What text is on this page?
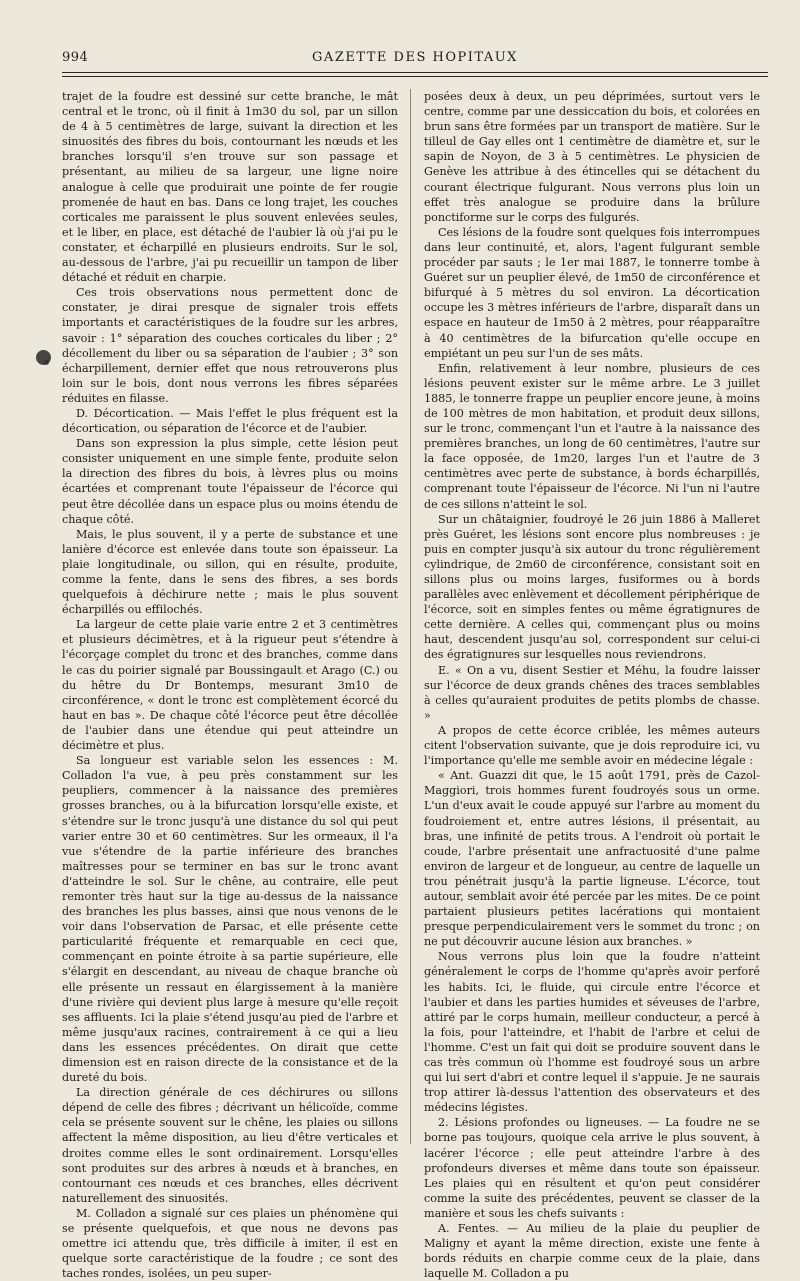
994	GAZETTE DES HOPITAUX

trajet de la foudre est dessiné sur cette branche, le mât central et le tronc, où il finit à 1m30 du sol, par un sillon de 4 à 5 centimètres de large, suivant la direction et les sinuosités des fibres du bois, contournant les nœuds et les branches lorsqu'il s'en trouve sur son passage et présentant, au milieu de sa largeur, une ligne noire analogue à celle que produirait une pointe de fer rougie promenée de haut en bas. Dans ce long trajet, les couches corticales me paraissent le plus souvent enlevées seules, et le liber, en place, est détaché de l'aubier là où j'ai pu le constater, et écharpillé en plusieurs endroits. Sur le sol, au-dessous de l'arbre, j'ai pu recueillir un tampon de liber détaché et réduit en charpie.

Ces trois observations nous permettent donc de constater, je dirai presque de signaler trois effets importants et caractéristiques de la foudre sur les arbres, savoir : 1° séparation des couches corticales du liber ; 2° décollement du liber ou sa séparation de l'aubier ; 3° son écharpillement, dernier effet que nous retrouverons plus loin sur le bois, dont nous verrons les fibres séparées réduites en filasse.

D. Décortication. — Mais l'effet le plus fréquent est la décortication, ou séparation de l'écorce et de l'aubier.

Dans son expression la plus simple, cette lésion peut consister uniquement en une simple fente, produite selon la direction des fibres du bois, à lèvres plus ou moins écartées et comprenant toute l'épaisseur de l'écorce qui peut être décollée dans un espace plus ou moins étendu de chaque côté.

Mais, le plus souvent, il y a perte de substance et une lanière d'écorce est enlevée dans toute son épaisseur. La plaie longitudinale, ou sillon, qui en résulte, produite, comme la fente, dans le sens des fibres, a ses bords quelquefois à déchirure nette ; mais le plus souvent écharpillés ou effilochés.

La largeur de cette plaie varie entre 2 et 3 centimètres et plusieurs décimètres, et à la rigueur peut s'étendre à l'écorçage complet du tronc et des branches, comme dans le cas du poirier signalé par Boussingault et Arago (C.) ou du hêtre du Dr Bontemps, mesurant 3m10 de circonférence, « dont le tronc est complètement écorcé du haut en bas ». De chaque côté l'écorce peut être décollée de l'aubier dans une étendue qui peut atteindre un décimètre et plus.

Sa longueur est variable selon les essences : M. Colladon l'a vue, à peu près constamment sur les peupliers, commencer à la naissance des premières grosses branches, ou à la bifurcation lorsqu'elle existe, et s'étendre sur le tronc jusqu'à une distance du sol qui peut varier entre 30 et 60 centimètres. Sur les ormeaux, il l'a vue s'étendre de la partie inférieure des branches maîtresses pour se terminer en bas sur le tronc avant d'atteindre le sol. Sur le chêne, au contraire, elle peut remonter très haut sur la tige au-dessus de la naissance des branches les plus basses, ainsi que nous venons de le voir dans l'observation de Parsac, et elle présente cette particularité fréquente et remarquable en ceci que, commençant en pointe étroite à sa partie supérieure, elle s'élargit en descendant, au niveau de chaque branche où elle présente un ressaut en élargissement à la manière d'une rivière qui devient plus large à mesure qu'elle reçoit ses affluents. Ici la plaie s'étend jusqu'au pied de l'arbre et même jusqu'aux racines, contrairement à ce qui a lieu dans les essences précédentes. On dirait que cette dimension est en raison directe de la consistance et de la dureté du bois.

La direction générale de ces déchirures ou sillons dépend de celle des fibres ; décrivant un hélicoïde, comme cela se présente souvent sur le chêne, les plaies ou sillons affectent la même disposition, au lieu d'être verticales et droites comme elles le sont ordinairement. Lorsqu'elles sont produites sur des arbres à nœuds et à branches, en contournant ces nœuds et ces branches, elles décrivent naturellement des sinuosités.

M. Colladon a signalé sur ces plaies un phénomène qui se présente quelquefois, et que nous ne devons pas omettre ici attendu que, très difficile à imiter, il est en quelque sorte caractéristique de la foudre ; ce sont des taches rondes, isolées, un peu super-

posées deux à deux, un peu déprimées, surtout vers le centre, comme par une dessiccation du bois, et colorées en brun sans être formées par un transport de matière. Sur le tilleul de Gay elles ont 1 centimètre de diamètre et, sur le sapin de Noyon, de 3 à 5 centimètres. Le physicien de Genève les attribue à des étincelles qui se détachent du courant électrique fulgurant. Nous verrons plus loin un effet très analogue se produire dans la brûlure ponctiforme sur le corps des fulgurés.

Ces lésions de la foudre sont quelques fois interrompues dans leur continuité, et, alors, l'agent fulgurant semble procéder par sauts ; le 1er mai 1887, le tonnerre tombe à Guéret sur un peuplier élevé, de 1m50 de circonférence et bifurqué à 5 mètres du sol environ. La décortication occupe les 3 mètres inférieurs de l'arbre, disparaît dans un espace en hauteur de 1m50 à 2 mètres, pour réapparaître à 40 centimètres de la bifurcation qu'elle occupe en empiétant un peu sur l'un de ses mâts.

Enfin, relativement à leur nombre, plusieurs de ces lésions peuvent exister sur le même arbre. Le 3 juillet 1885, le tonnerre frappe un peuplier encore jeune, à moins de 100 mètres de mon habitation, et produit deux sillons, sur le tronc, commençant l'un et l'autre à la naissance des premières branches, un long de 60 centimètres, l'autre sur la face opposée, de 1m20, larges l'un et l'autre de 3 centimètres avec perte de substance, à bords écharpillés, comprenant toute l'épaisseur de l'écorce. Ni l'un ni l'autre de ces sillons n'atteint le sol.

Sur un châtaignier, foudroyé le 26 juin 1886 à Malleret près Guéret, les lésions sont encore plus nombreuses : je puis en compter jusqu'à six autour du tronc régulièrement cylindrique, de 2m60 de circonférence, consistant soit en sillons plus ou moins larges, fusiformes ou à bords parallèles avec enlèvement et décollement périphérique de l'écorce, soit en simples fentes ou même égratignures de cette dernière. A celles qui, commençant plus ou moins haut, descendent jusqu'au sol, correspondent sur celui-ci des égratignures sur lesquelles nous reviendrons.

E. « On a vu, disent Sestier et Méhu, la foudre laisser sur l'écorce de deux grands chênes des traces semblables à celles qu'auraient produites de petits plombs de chasse. »

A propos de cette écorce criblée, les mêmes auteurs citent l'observation suivante, que je dois reproduire ici, vu l'importance qu'elle me semble avoir en médecine légale :

« Ant. Guazzi dit que, le 15 août 1791, près de Cazol-Maggiori, trois hommes furent foudroyés sous un orme. L'un d'eux avait le coude appuyé sur l'arbre au moment du foudroiement et, entre autres lésions, il présentait, au bras, une infinité de petits trous. A l'endroit où portait le coude, l'arbre présentait une anfractuosité d'une palme environ de largeur et de longueur, au centre de laquelle un trou pénétrait jusqu'à la partie ligneuse. L'écorce, tout autour, semblait avoir été percée par les mites. De ce point partaient plusieurs petites lacérations qui montaient presque perpendiculairement vers le sommet du tronc ; on ne put découvrir aucune lésion aux branches. »

Nous verrons plus loin que la foudre n'atteint généralement le corps de l'homme qu'après avoir perforé les habits. Ici, le fluide, qui circule entre l'écorce et l'aubier et dans les parties humides et séveuses de l'arbre, attiré par le corps humain, meilleur conducteur, a percé à la fois, pour l'atteindre, et l'habit de l'arbre et celui de l'homme. C'est un fait qui doit se produire souvent dans le cas très commun où l'homme est foudroyé sous un arbre qui lui sert d'abri et contre lequel il s'appuie. Je ne saurais trop attirer là-dessus l'attention des observateurs et des médecins légistes.

2. Lésions profondes ou ligneuses. — La foudre ne se borne pas toujours, quoique cela arrive le plus souvent, à lacérer l'écorce ; elle peut atteindre l'arbre à des profondeurs diverses et même dans toute son épaisseur. Les plaies qui en résultent et qu'on peut considérer comme la suite des précédentes, peuvent se classer de la manière et sous les chefs suivants :

A. Fentes. — Au milieu de la plaie du peuplier de Maligny et ayant la même direction, existe une fente à bords réduits en charpie comme ceux de la plaie, dans laquelle M. Colladon a pu
